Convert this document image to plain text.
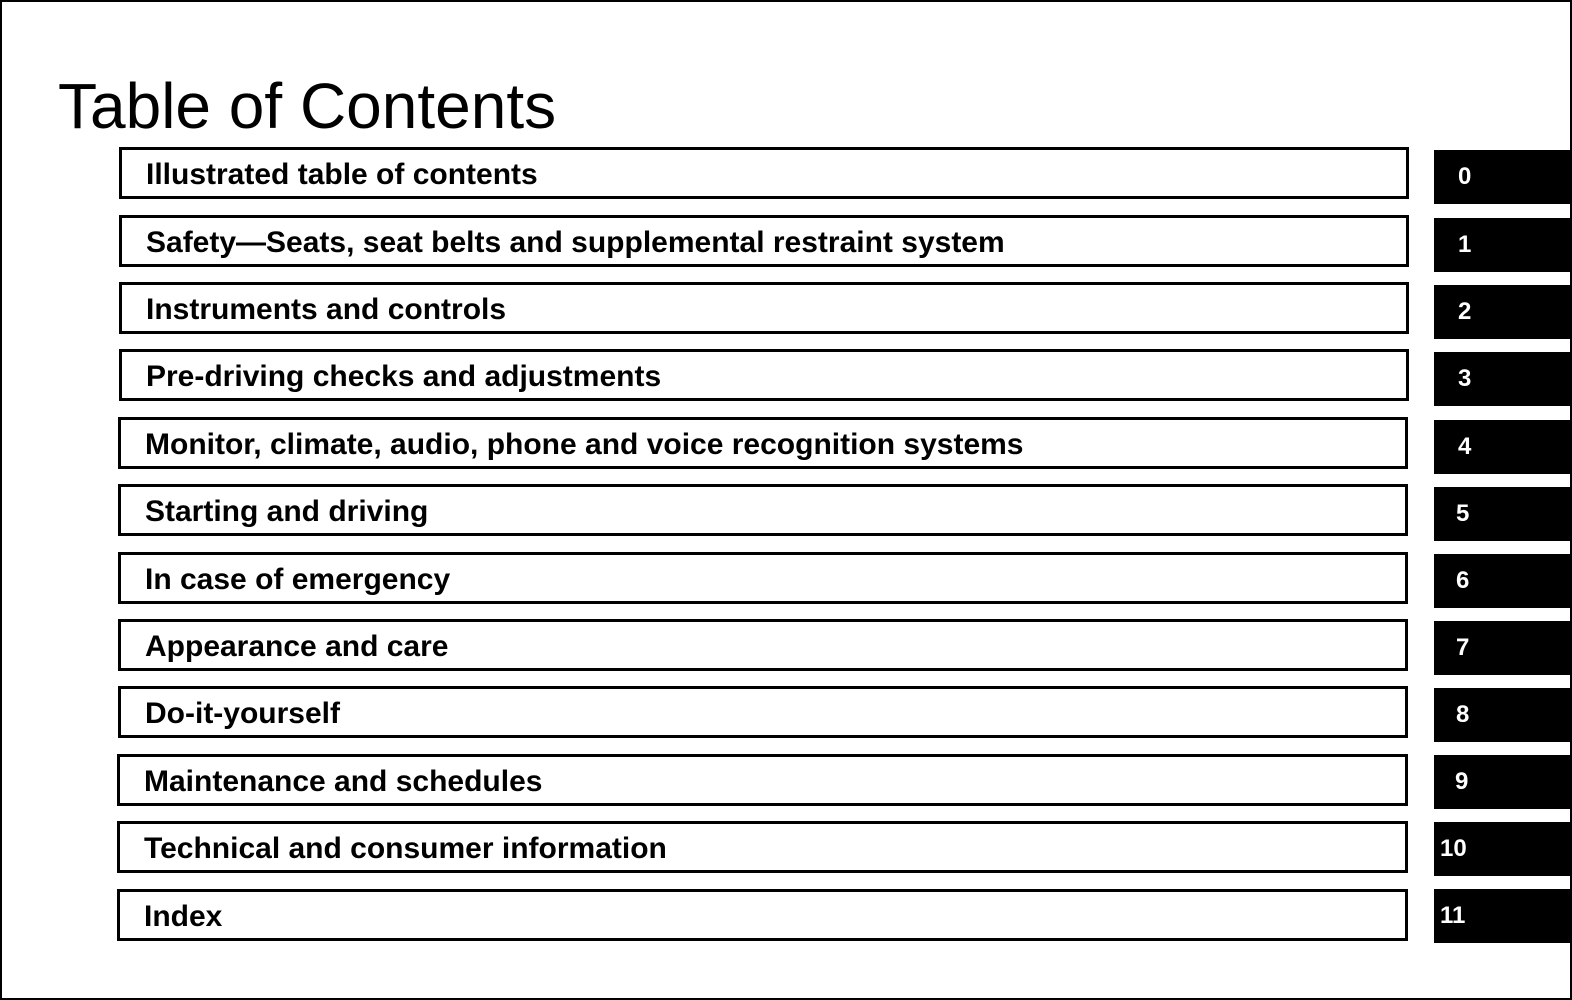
Table of Contents
Illustrated table of contents	0
Safety—Seats, seat belts and supplemental restraint system	1
Instruments and controls	2
Pre-driving checks and adjustments	3
Monitor, climate, audio, phone and voice recognition systems	4
Starting and driving	5
In case of emergency	6
Appearance and care	7
Do-it-yourself	8
Maintenance and schedules	9
Technical and consumer information	10
Index	11
